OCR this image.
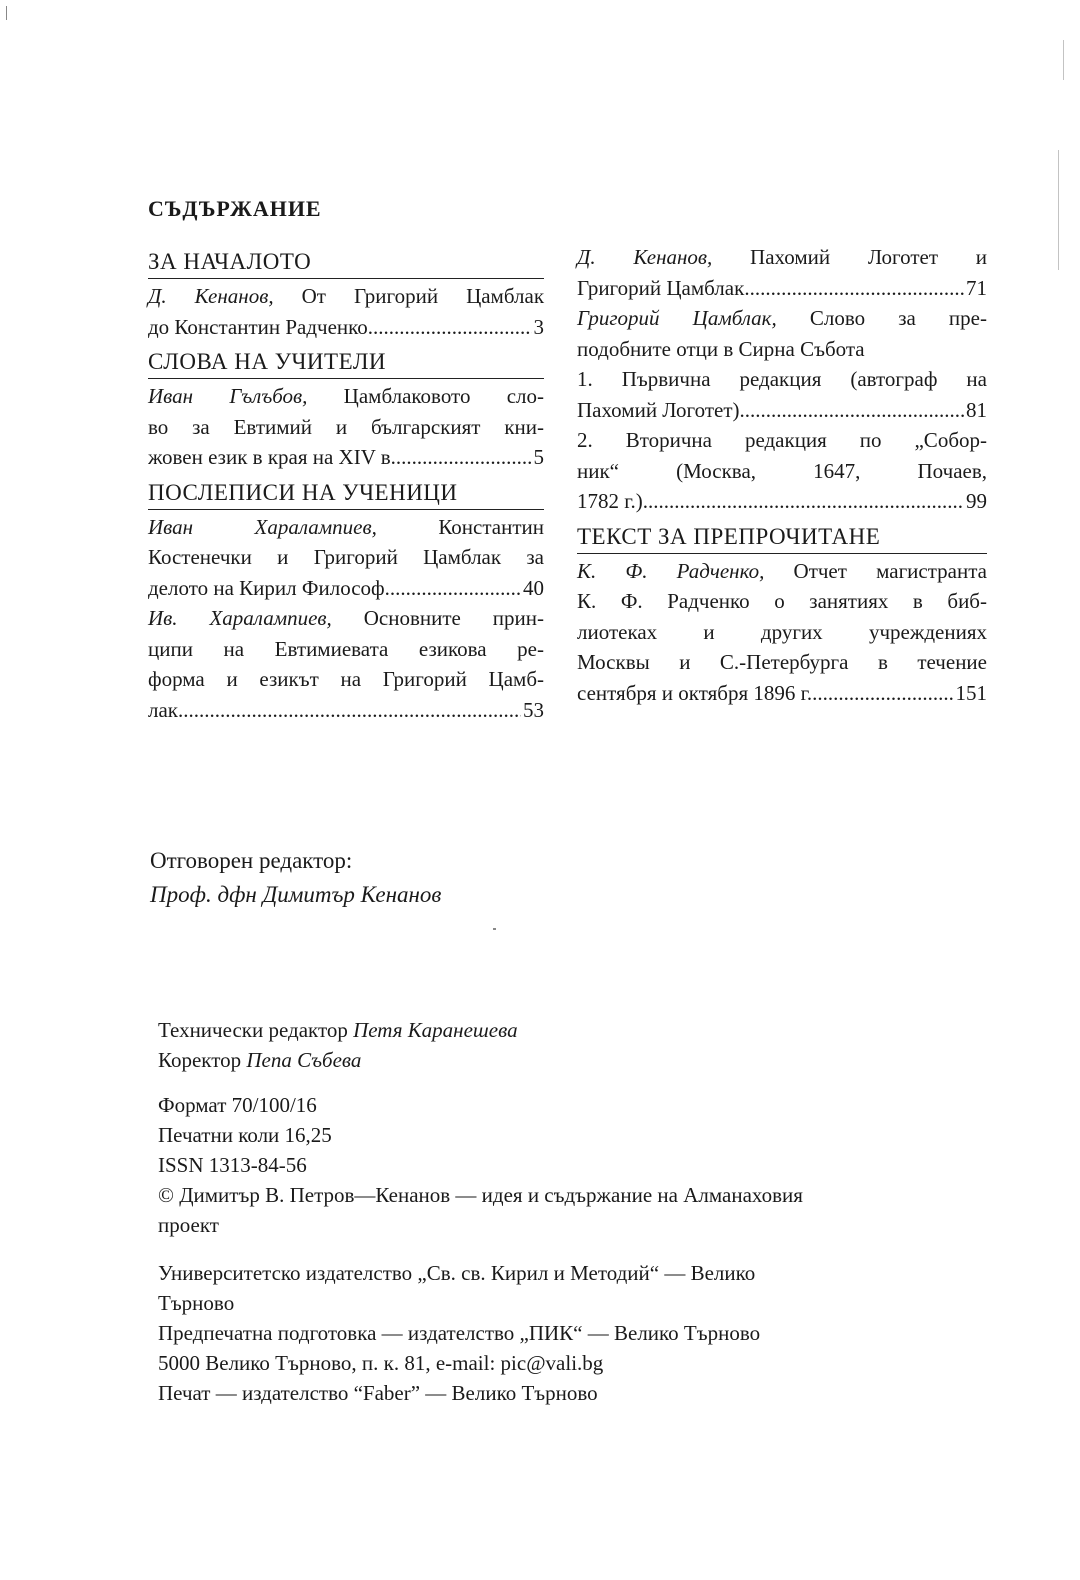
СЪДЪРЖАНИЕ
ЗА НАЧАЛОТО
Д. Кенанов, От Григорий Цамблак
до Константин Радченко .....	3
СЛОВА НА УЧИТЕЛИ
Иван Гълъбов, Цамблаковото сло-
во за Евтимий и българският кни-
жовен език в края на XIV в. .....	5
ПОСЛЕПИСИ НА УЧЕНИЦИ
Иван Харалампиев,	Константин
Костенечки и Григорий Цамблак за
делото на Кирил Философ .....	40
Ив. Харалампиев, Основните прин-
ципи на Евтимиевата езикова ре-
форма и езикът на Григорий Цамб-
лак .....	53
Д. Кенанов, Пахомий Логотет и
Григорий Цамблак .....	71
Григорий Цамблак, Слово за пре-
подобните отци в Сирна Събота
1. Първична редакция (автограф на
Пахомий Логотет) .....	81
2. Вторична редакция по „Собор-
ник“ (Москва, 1647, Почаев,
1782 г.) .....	99
ТЕКСТ ЗА ПРЕПРОЧИТАНЕ
К. Ф. Радченко, Отчет магистранта
К. Ф. Радченко о занятиях в биб-
лиотеках и других учреждениях
Москвы и С.-Петербурга в течение
сентября и октября 1896 г. .....	151
Отговорен редактор:
Проф. дфн Димитър Кенанов
Технически редактор Петя Каранешева
Коректор Пепа Събева
Формат 70/100/16
Печатни коли 16,25
ISSN 1313-84-56
© Димитър В. Петров—Кенанов — идея и съдържание на Алманаховия
проект
Университетско издателство „Св. св. Кирил и Методий“ — Велико
Търново
Предпечатна подготовка — издателство „ПИК“ — Велико Търново
5000 Велико Търново, п. к. 81, e-mail: pic@vali.bg
Печат — издателство “Faber” — Велико Търново
